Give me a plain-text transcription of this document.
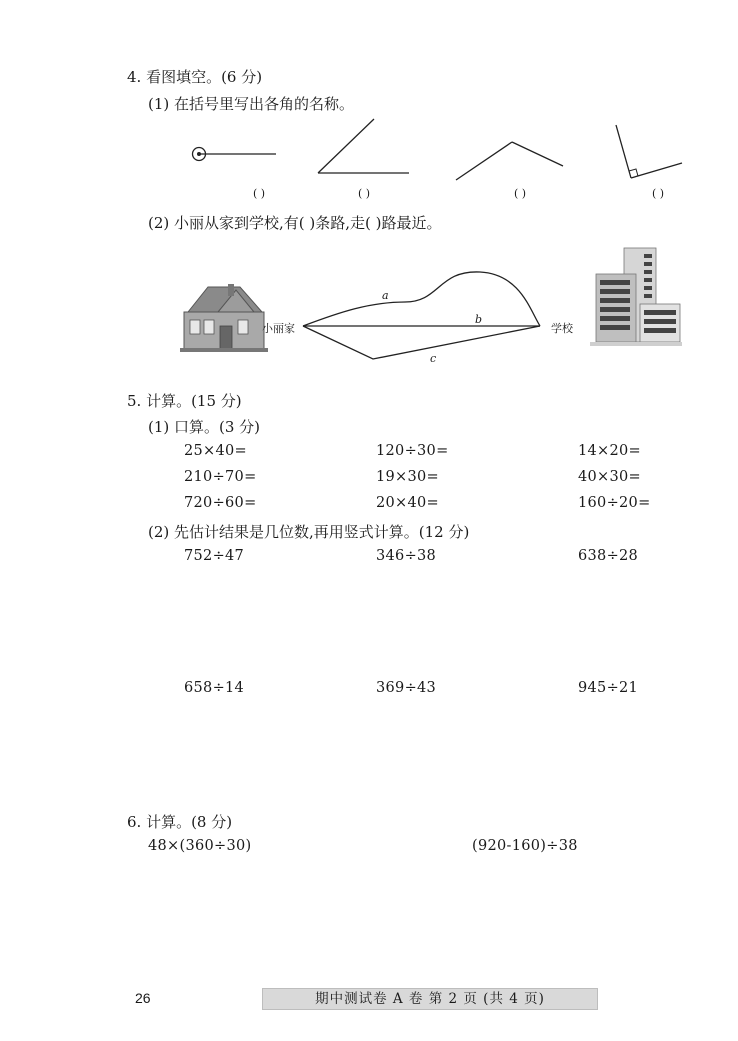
4. 看图填空。(6 分)
(1) 在括号里写出各角的名称。
( )	( )	( )	( )
(2) 小丽从家到学校,有( )条路,走( )路最近。
a
b
c
小丽家	学校
5. 计算。(15 分)
(1) 口算。(3 分)
25×40=	120÷30=	14×20=
210÷70=	19×30=	40×30=
720÷60=	20×40=	160÷20=
(2) 先估计结果是几位数,再用竖式计算。(12 分)
752÷47	346÷38	638÷28
658÷14	369÷43	945÷21
6. 计算。(8 分)
48×(360÷30)	(920-160)÷38
26	期中测试卷 A 卷 第 2 页 (共 4 页)
